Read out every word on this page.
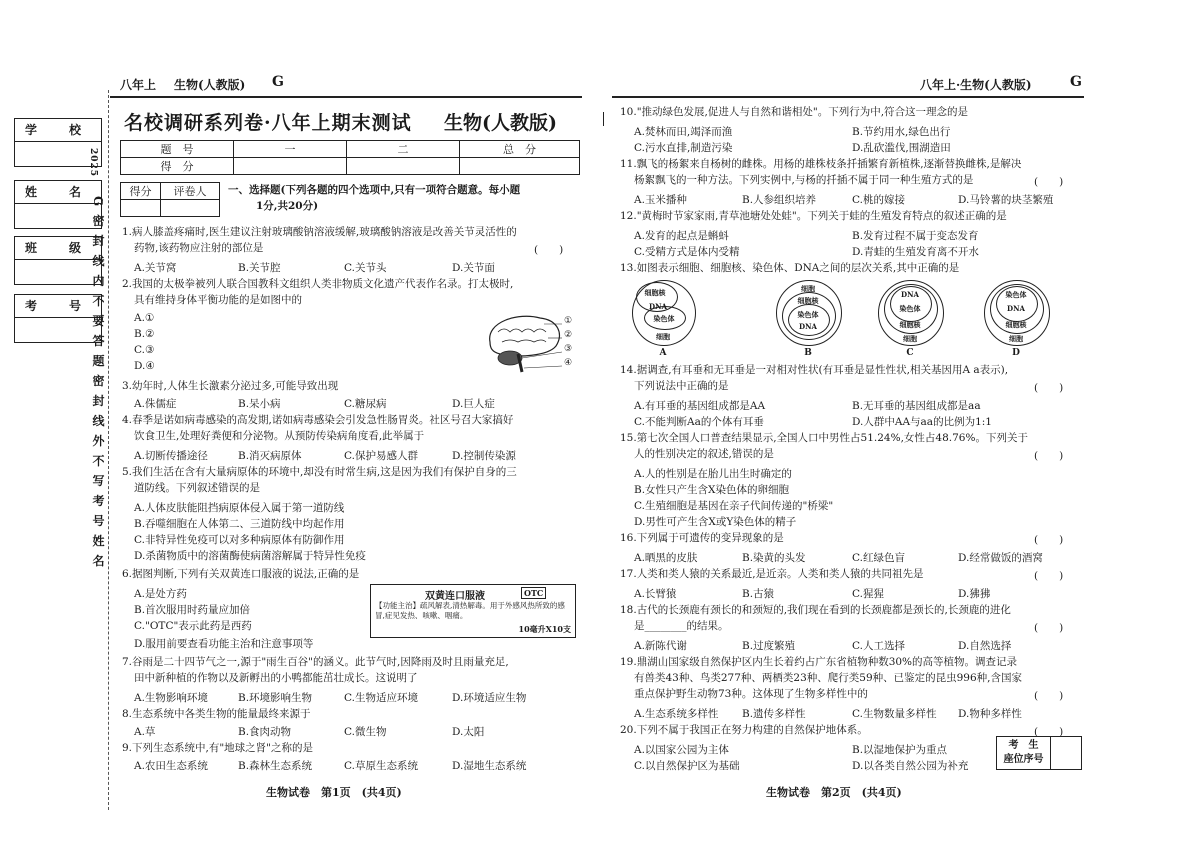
八年上 生物(人教版) G
学　校
姓　名
班　级
考　号
2025
G密封线内不要答题密封线外不写考号姓名
名校调研系列卷·八年上期末测试 生物(人教版)
题　号	一	二	总　分
得　分			
得分	评卷人
	一、选择题(下列各题的四个选项中,只有一项符合题意。每小题
1分,共20分)
1.病人膝盖疼痛时,医生建议注射玻璃酸钠溶液缓解,玻璃酸钠溶液是改善关节灵活性的
药物,该药物应注射的部位是	(　　)
A.关节窝	B.关节腔	C.关节头	D.关节面
2.我国的太极拳被列人联合国教科文组织人类非物质文化遗产代表作名录。打太极时,
具有维持身体平衡功能的是如图中的
A.①
B.②
C.③
D.④
①
②
③
④
3.幼年时,人体生长激素分泌过多,可能导致出现
A.侏儒症	B.呆小病	C.糖尿病	D.巨人症
4.春季是诺如病毒感染的高发期,诺如病毒感染会引发急性肠胃炎。社区号召大家搞好
饮食卫生,处理好粪便和分泌物。从预防传染病角度看,此举属于
A.切断传播途径	B.消灭病原体	C.保护易感人群	D.控制传染源
5.我们生活在含有大量病原体的环境中,却没有时常生病,这是因为我们有保护自身的三
道防线。下列叙述错误的是
A.人体皮肤能阻挡病原体侵入属于第一道防线
B.吞噬细胞在人体第二、三道防线中均起作用
C.非特异性免疫可以对多种病原体有防御作用
D.杀菌物质中的溶菌酶使病菌溶解属于特异性免疫
6.据图判断,下列有关双黄连口服液的说法,正确的是
A.是处方药
B.首次服用时药量应加倍
C."OTC"表示此药是西药
D.服用前要查看功能主治和注意事项等
双黄连口服液	OTC
【功能主治】疏风解表,清热解毒。用于外感风热所致的感冒,症见发热、咳嗽、咽痛。
10毫升X10支
7.谷雨是二十四节气之一,源于"雨生百谷"的涵义。此节气时,因降雨及时且雨量充足,
田中新种植的作物以及新孵出的小鸭都能茁壮成长。这说明了
A.生物影响环境	B.环境影响生物	C.生物适应环境	D.环境适应生物
8.生态系统中各类生物的能量最终来源于
A.草	B.食肉动物	C.微生物	D.太阳
9.下列生态系统中,有"地球之肾"之称的是
A.农田生态系统	B.森林生态系统	C.草原生态系统	D.湿地生态系统
生物试卷　第1页　(共4页)
八年上·生物(人教版)	G
10."推动绿色发展,促进人与自然和谐相处"。下列行为中,符合这一理念的是
A.焚林而田,竭泽而渔	B.节约用水,绿色出行
C.污水直排,制造污染	D.乱砍滥伐,围湖造田
11.飘飞的杨絮来自杨树的雌株。用杨的雄株枝条扦插繁育新植株,逐渐替换雌株,是解决
杨絮飘飞的一种方法。下列实例中,与杨的扦插不属于同一种生殖方式的是	(　　)
A.玉米播种	B.人参组织培养	C.桃的嫁接	D.马铃薯的块茎繁殖
12."黄梅时节家家雨,青草池塘处处蛙"。下列关于蛙的生殖发育特点的叙述正确的是
A.发育的起点是蝌蚪	B.发育过程不属于变态发育
C.受精方式是体内受精	D.青蛙的生殖发育离不开水
13.如图表示细胞、细胞核、染色体、DNA之间的层次关系,其中正确的是
细胞核
DNA
染色体
细胞
A
细胞
细胞核
染色体
DNA
B
DNA
染色体
细胞核
细胞
C
染色体
DNA
细胞核
细胞
D
14.据调查,有耳垂和无耳垂是一对相对性状(有耳垂是显性性状,相关基因用A a表示),
下列说法中正确的是	(　　)
A.有耳垂的基因组成都是AA	B.无耳垂的基因组成都是aa
C.不能判断Aa的个体有耳垂	D.人群中AA与aa的比例为1:1
15.第七次全国人口普查结果显示,全国人口中男性占51.24%,女性占48.76%。下列关于
人的性别决定的叙述,错误的是	(　　)
A.人的性别是在胎儿出生时确定的
B.女性只产生含X染色体的卵细胞
C.生殖细胞是基因在亲子代间传递的"桥梁"
D.男性可产生含X或Y染色体的精子
16.下列属于可遗传的变异现象的是	(　　)
A.晒黑的皮肤	B.染黄的头发	C.红绿色盲	D.经常做饭的酒窝
17.人类和类人猿的关系最近,是近亲。人类和类人猿的共同祖先是	(　　)
A.长臂猿	B.古猿	C.猩猩	D.狒狒
18.古代的长颈鹿有颈长的和颈短的,我们现在看到的长颈鹿都是颈长的,长颈鹿的进化
是________的结果。	(　　)
A.新陈代谢	B.过度繁殖	C.人工选择	D.自然选择
19.鼎湖山国家级自然保护区内生长着约占广东省植物种数30%的高等植物。调查记录
有兽类43种、鸟类277种、两栖类23种、爬行类59种、已鉴定的昆虫996种,含国家
重点保护野生动物73种。这体现了生物多样性中的	(　　)
A.生态系统多样性 B.遗传多样性	C.生物数量多样性 D.物种多样性
20.下列不属于我国正在努力构建的自然保护地体系。	(　　)
A.以国家公园为主体	B.以湿地保护为重点
C.以自然保护区为基础	D.以各类自然公园为补充
考　生
座位序号
生物试卷　第2页　(共4页)
